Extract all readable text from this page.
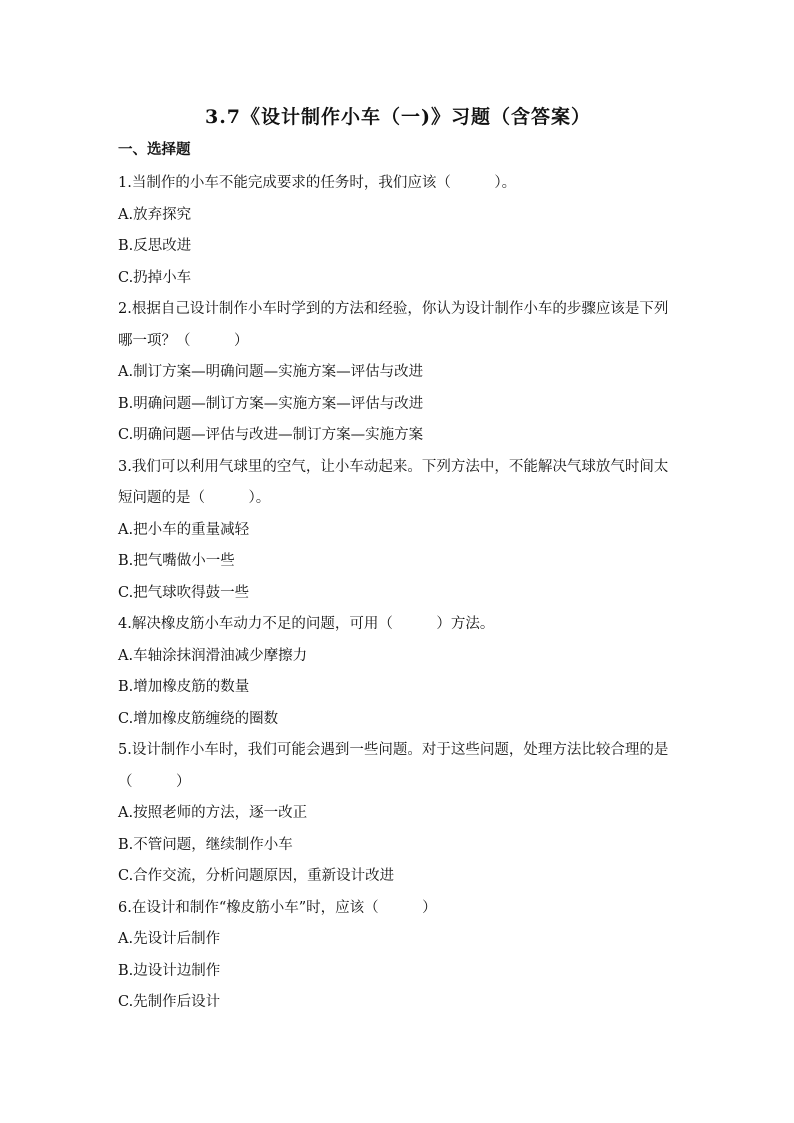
3.7《设计制作小车（一)》习题（含答案）
一、选择题
1.当制作的小车不能完成要求的任务时，我们应该（　　　）。
A.放弃探究
B.反思改进
C.扔掉小车
2.根据自己设计制作小车时学到的方法和经验，你认为设计制作小车的步骤应该是下列哪一项？（　　　）
A.制订方案—明确问题—实施方案—评估与改进
B.明确问题—制订方案—实施方案—评估与改进
C.明确问题—评估与改进—制订方案—实施方案
3.我们可以利用气球里的空气，让小车动起来。下列方法中，不能解决气球放气时间太短问题的是（　　　）。
A.把小车的重量减轻
B.把气嘴做小一些
C.把气球吹得鼓一些
4.解决橡皮筋小车动力不足的问题，可用（　　　）方法。
A.车轴涂抹润滑油减少摩擦力
B.增加橡皮筋的数量
C.增加橡皮筋缠绕的圈数
5.设计制作小车时，我们可能会遇到一些问题。对于这些问题，处理方法比较合理的是（　　　）
A.按照老师的方法，逐一改正
B.不管问题，继续制作小车
C.合作交流，分析问题原因，重新设计改进
6.在设计和制作“橡皮筋小车”时，应该（　　　）
A.先设计后制作
B.边设计边制作
C.先制作后设计
